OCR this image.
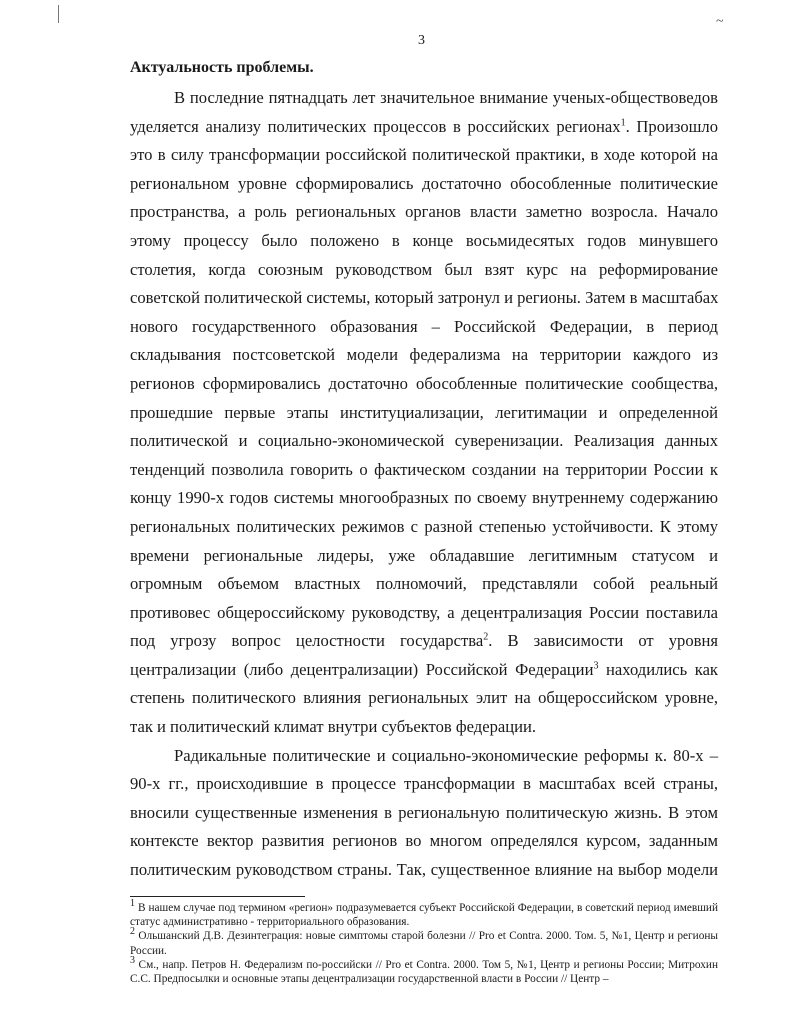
~
3
Актуальность проблемы.
В последние пятнадцать лет значительное внимание ученых-обществоведов
уделяется анализу политических процессов в российских регионах$^1$. Произошло
это в силу трансформации российской политической практики, в ходе которой на
региональном уровне сформировались достаточно обособленные политические
пространства, а роль региональных органов власти заметно возросла. Начало
этому процессу было положено в конце восьмидесятых годов минувшего
столетия, когда союзным руководством был взят курс на реформирование
советской политической системы, который затронул и регионы. Затем в масштабах
нового государственного образования – Российской Федерации, в период
складывания постсоветской модели федерализма на территории каждого из
регионов сформировались достаточно обособленные политические сообщества,
прошедшие первые этапы институциализации, легитимации и определенной
политической и социально-экономической суверенизации. Реализация данных
тенденций позволила говорить о фактическом создании на территории России к
концу 1990-х годов системы многообразных по своему внутреннему содержанию
региональных политических режимов с разной степенью устойчивости. К этому
времени региональные лидеры, уже обладавшие легитимным статусом и
огромным объемом властных полномочий, представляли собой реальный
противовес общероссийскому руководству, а децентрализация России поставила
под угрозу вопрос целостности государства$^2$. В зависимости от уровня
централизации (либо децентрализации) Российской Федерации$^3$ находились как
степень политического влияния региональных элит на общероссийском уровне,
так и политический климат внутри субъектов федерации.
Радикальные политические и социально-экономические реформы к. 80-х –
90-х гг., происходившие в процессе трансформации в масштабах всей страны,
вносили существенные изменения в региональную политическую жизнь. В этом
контексте вектор развития регионов во многом определялся курсом, заданным
политическим руководством страны. Так, существенное влияние на выбор модели
$^1$ В нашем случае под термином «регион» подразумевается субъект Российской Федерации, в советский период имевший статус административно - территориального образования.
$^2$ Ольшанский Д.В. Дезинтеграция: новые симптомы старой болезни // Pro et Contra. 2000. Том. 5, №1, Центр и регионы России.
$^3$ См., напр. Петров Н. Федерализм по-российски // Pro et Contra. 2000. Том 5, №1, Центр и регионы России; Митрохин С.С. Предпосылки и основные этапы децентрализации государственной власти в России // Центр –
